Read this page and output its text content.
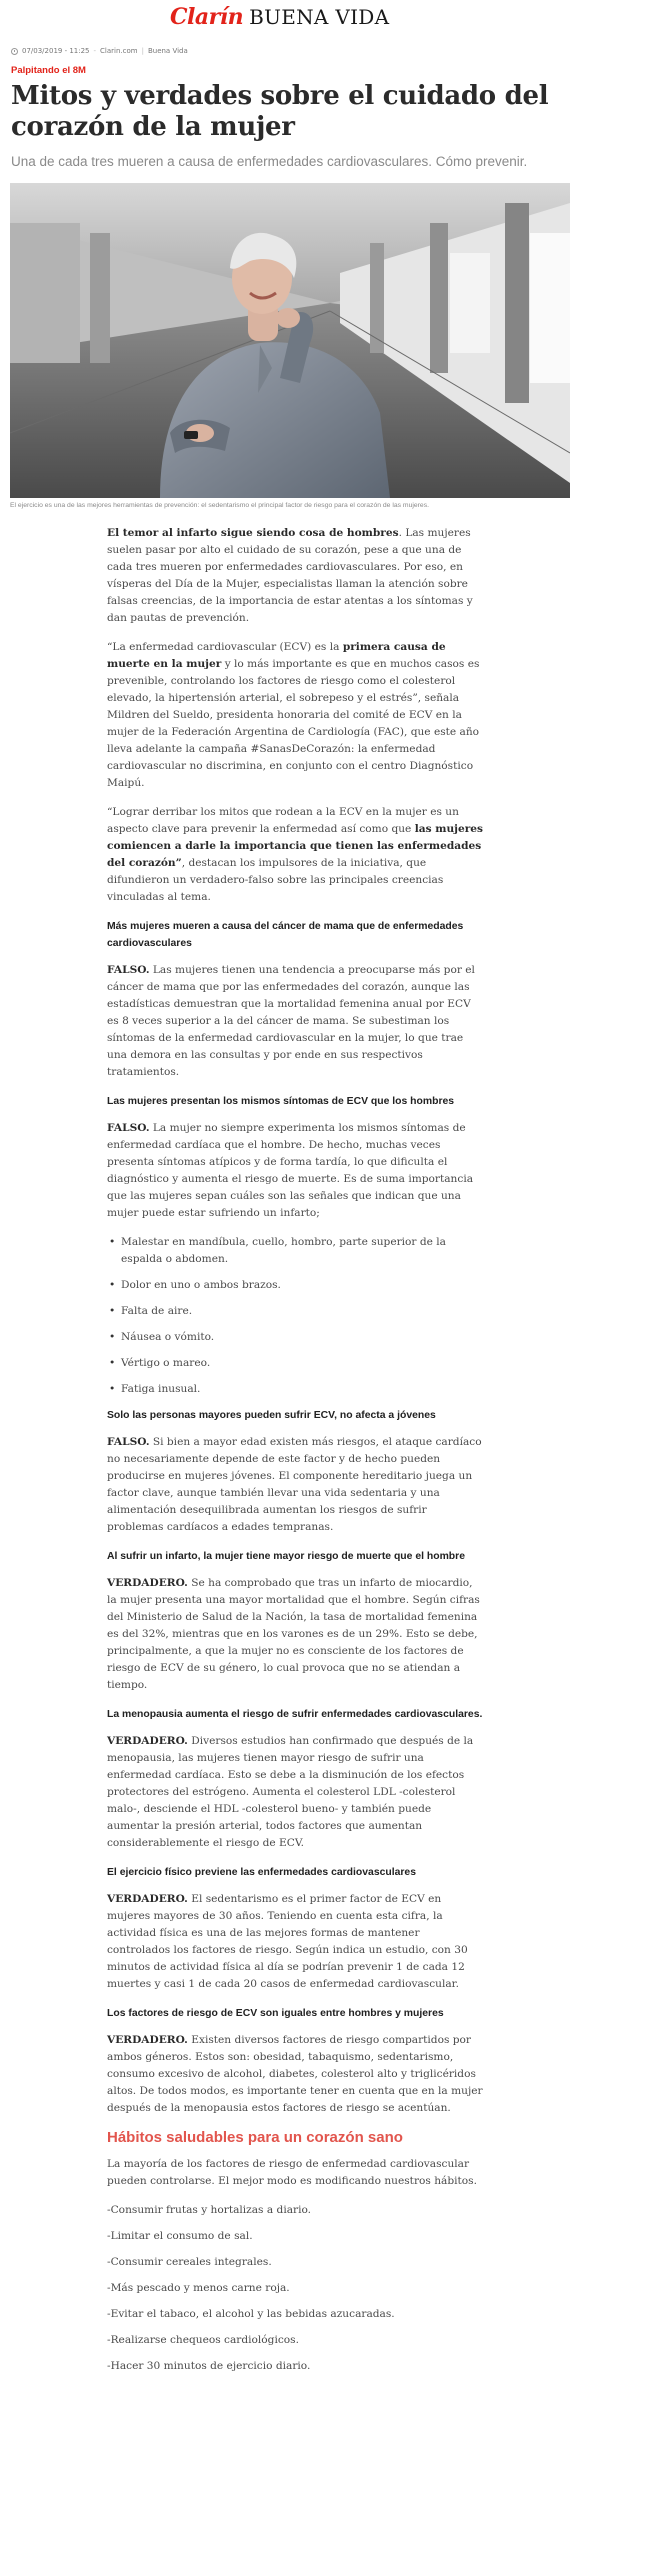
Clarín BUENA VIDA
07/03/2019 - 11:25 - Clarin.com | Buena Vida
Palpitando el 8M
Mitos y verdades sobre el cuidado del corazón de la mujer
Una de cada tres mueren a causa de enfermedades cardiovasculares. Cómo prevenir.
El ejercicio es una de las mejores herramientas de prevención: el sedentarismo el principal factor de riesgo para el corazón de las mujeres.

El temor al infarto sigue siendo cosa de hombres. Las mujeres suelen pasar por alto el cuidado de su corazón, pese a que una de cada tres mueren por enfermedades cardiovasculares. Por eso, en vísperas del Día de la Mujer, especialistas llaman la atención sobre falsas creencias, de la importancia de estar atentas a los síntomas y dan pautas de prevención.

“La enfermedad cardiovascular (ECV) es la primera causa de muerte en la mujer y lo más importante es que en muchos casos es prevenible, controlando los factores de riesgo como el colesterol elevado, la hipertensión arterial, el sobrepeso y el estrés”, señala Mildren del Sueldo, presidenta honoraria del comité de ECV en la mujer de la Federación Argentina de Cardiología (FAC), que este año lleva adelante la campaña #SanasDeCorazón: la enfermedad cardiovascular no discrimina, en conjunto con el centro Diagnóstico Maipú.

“Lograr derribar los mitos que rodean a la ECV en la mujer es un aspecto clave para prevenir la enfermedad así como que las mujeres comiencen a darle la importancia que tienen las enfermedades del corazón”, destacan los impulsores de la iniciativa, que difundieron un verdadero-falso sobre las principales creencias vinculadas al tema.

Más mujeres mueren a causa del cáncer de mama que de enfermedades cardiovasculares

FALSO. Las mujeres tienen una tendencia a preocuparse más por el cáncer de mama que por las enfermedades del corazón, aunque las estadísticas demuestran que la mortalidad femenina anual por ECV es 8 veces superior a la del cáncer de mama. Se subestiman los síntomas de la enfermedad cardiovascular en la mujer, lo que trae una demora en las consultas y por ende en sus respectivos tratamientos.

Las mujeres presentan los mismos síntomas de ECV que los hombres

FALSO. La mujer no siempre experimenta los mismos síntomas de enfermedad cardíaca que el hombre. De hecho, muchas veces presenta síntomas atípicos y de forma tardía, lo que dificulta el diagnóstico y aumenta el riesgo de muerte. Es de suma importancia que las mujeres sepan cuáles son las señales que indican que una mujer puede estar sufriendo un infarto;

• Malestar en mandíbula, cuello, hombro, parte superior de la espalda o abdomen.
• Dolor en uno o ambos brazos.
• Falta de aire.
• Náusea o vómito.
• Vértigo o mareo.
• Fatiga inusual.
Solo las personas mayores pueden sufrir ECV, no afecta a jóvenes

FALSO. Si bien a mayor edad existen más riesgos, el ataque cardíaco no necesariamente depende de este factor y de hecho pueden producirse en mujeres jóvenes. El componente hereditario juega un factor clave, aunque también llevar una vida sedentaria y una alimentación desequilibrada aumentan los riesgos de sufrir problemas cardíacos a edades tempranas.

Al sufrir un infarto, la mujer tiene mayor riesgo de muerte que el hombre

VERDADERO. Se ha comprobado que tras un infarto de miocardio, la mujer presenta una mayor mortalidad que el hombre. Según cifras del Ministerio de Salud de la Nación, la tasa de mortalidad femenina es del 32%, mientras que en los varones es de un 29%. Esto se debe, principalmente, a que la mujer no es consciente de los factores de riesgo de ECV de su género, lo cual provoca que no se atiendan a tiempo.

La menopausia aumenta el riesgo de sufrir enfermedades cardiovasculares.

VERDADERO. Diversos estudios han confirmado que después de la menopausia, las mujeres tienen mayor riesgo de sufrir una enfermedad cardíaca. Esto se debe a la disminución de los efectos protectores del estrógeno. Aumenta el colesterol LDL -colesterol malo-, desciende el HDL -colesterol bueno- y también puede aumentar la presión arterial, todos factores que aumentan considerablemente el riesgo de ECV.

El ejercicio físico previene las enfermedades cardiovasculares

VERDADERO. El sedentarismo es el primer factor de ECV en mujeres mayores de 30 años. Teniendo en cuenta esta cifra, la actividad física es una de las mejores formas de mantener controlados los factores de riesgo. Según indica un estudio, con 30 minutos de actividad física al día se podrían prevenir 1 de cada 12 muertes y casi 1 de cada 20 casos de enfermedad cardiovascular.

Los factores de riesgo de ECV son iguales entre hombres y mujeres

VERDADERO. Existen diversos factores de riesgo compartidos por ambos géneros. Estos son: obesidad, tabaquismo, sedentarismo, consumo excesivo de alcohol, diabetes, colesterol alto y triglicéridos altos. De todos modos, es importante tener en cuenta que en la mujer después de la menopausia estos factores de riesgo se acentúan.

Hábitos saludables para un corazón sano

La mayoría de los factores de riesgo de enfermedad cardiovascular pueden controlarse. El mejor modo es modificando nuestros hábitos.

-Consumir frutas y hortalizas a diario.

-Limitar el consumo de sal.

-Consumir cereales integrales.

-Más pescado y menos carne roja.

-Evitar el tabaco, el alcohol y las bebidas azucaradas.

-Realizarse chequeos cardiológicos.

-Hacer 30 minutos de ejercicio diario.
